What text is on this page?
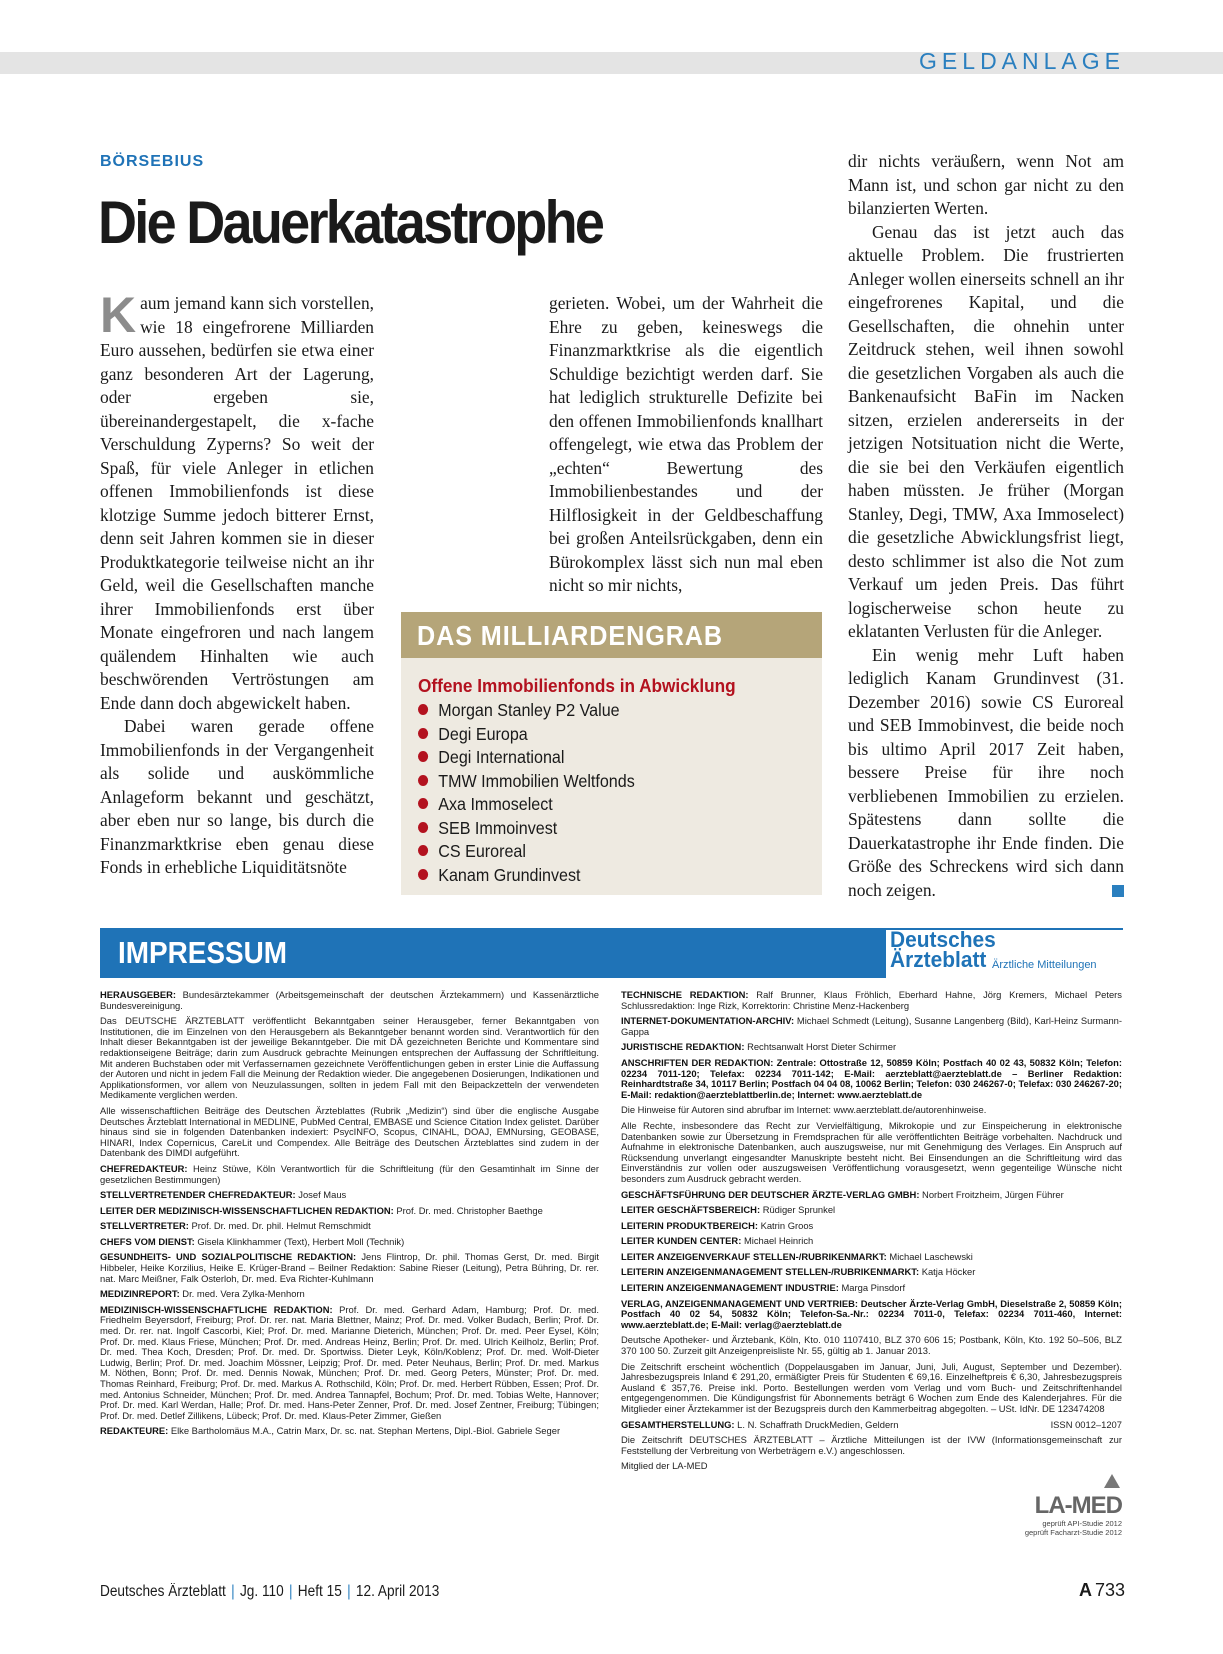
GELDANLAGE
BÖRSEBIUS
Die Dauerkatastrophe

Kaum jemand kann sich vorstellen, wie 18 eingefrorene Milliarden Euro aussehen, bedürfen sie etwa einer ganz besonderen Art der Lagerung, oder ergeben sie, übereinandergestapelt, die x-fache Verschuldung Zyperns? So weit der Spaß, für viele Anleger in etlichen offenen Immobilienfonds ist diese klotzige Summe jedoch bitterer Ernst, denn seit Jahren kommen sie in dieser Produktkategorie teilweise nicht an ihr Geld, weil die Gesellschaften manche ihrer Immobilienfonds erst über Monate eingefroren und nach langem quälendem Hinhalten wie auch beschwörenden Vertröstungen am Ende dann doch abgewickelt haben.

Dabei waren gerade offene Immobilienfonds in der Vergangenheit als solide und auskömmliche Anlageform bekannt und geschätzt, aber eben nur so lange, bis durch die Finanzmarktkrise eben genau diese Fonds in erhebliche Liquiditätsnöte

gerieten. Wobei, um der Wahrheit die Ehre zu geben, keineswegs die Finanzmarktkrise als die eigentlich Schuldige bezichtigt werden darf. Sie hat lediglich strukturelle Defizite bei den offenen Immobilienfonds knallhart offengelegt, wie etwa das Problem der „echten“ Bewertung des Immobilienbestandes und der Hilflosigkeit in der Geldbeschaffung bei großen Anteilsrückgaben, denn ein Bürokomplex lässt sich nun mal eben nicht so mir nichts,

dir nichts veräußern, wenn Not am Mann ist, und schon gar nicht zu den bilanzierten Werten.

Genau das ist jetzt auch das aktuelle Problem. Die frustrierten Anleger wollen einerseits schnell an ihr eingefrorenes Kapital, und die Gesellschaften, die ohnehin unter Zeitdruck stehen, weil ihnen sowohl die gesetzlichen Vorgaben als auch die Bankenaufsicht BaFin im Nacken sitzen, erzielen andererseits in der jetzigen Notsituation nicht die Werte, die sie bei den Verkäufen eigentlich haben müssten. Je früher (Morgan Stanley, Degi, TMW, Axa Immoselect) die gesetzliche Abwicklungsfrist liegt, desto schlimmer ist also die Not zum Verkauf um jeden Preis. Das führt logischerweise schon heute zu eklatanten Verlusten für die Anleger.

Ein wenig mehr Luft haben lediglich Kanam Grundinvest (31. Dezember 2016) sowie CS Euroreal und SEB Immobinvest, die beide noch bis ultimo April 2017 Zeit haben, bessere Preise für ihre noch verbliebenen Immobilien zu erzielen. Spätestens dann sollte die Dauerkatastrophe ihr Ende finden. Die Größe des Schreckens wird sich dann noch zeigen.

DAS MILLIARDENGRAB
Offene Immobilienfonds in Abwicklung
Morgan Stanley P2 Value
Degi Europa
Degi International
TMW Immobilien Weltfonds
Axa Immoselect
SEB Immoinvest
CS Euroreal
Kanam Grundinvest
IMPRESSUM	Deutsches
Ärzteblatt Ärztliche Mitteilungen

HERAUSGEBER: Bundesärztekammer (Arbeitsgemeinschaft der deutschen Ärztekammern) und Kassenärztliche Bundesvereinigung.

Das DEUTSCHE ÄRZTEBLATT veröffentlicht Bekanntgaben seiner Herausgeber, ferner Bekanntgaben von Institutionen, die im Einzelnen von den Herausgebern als Bekanntgeber benannt worden sind. Verantwortlich für den Inhalt dieser Bekanntgaben ist der jeweilige Bekanntgeber. Die mit DÄ gezeichneten Berichte und Kommentare sind redaktionseigene Beiträge; darin zum Ausdruck gebrachte Meinungen entsprechen der Auffassung der Schriftleitung. Mit anderen Buchstaben oder mit Verfassernamen gezeichnete Veröffentlichungen geben in erster Linie die Auffassung der Autoren und nicht in jedem Fall die Meinung der Redaktion wieder. Die angegebenen Dosierungen, Indikationen und Applikationsformen, vor allem von Neuzulassungen, sollten in jedem Fall mit den Beipackzetteln der verwendeten Medikamente verglichen werden.

Alle wissenschaftlichen Beiträge des Deutschen Ärzteblattes (Rubrik „Medizin“) sind über die englische Ausgabe Deutsches Ärzteblatt International in MEDLINE, PubMed Central, EMBASE und Science Citation Index gelistet. Darüber hinaus sind sie in folgenden Datenbanken indexiert: PsycINFO, Scopus, CINAHL, DOAJ, EMNursing, GEOBASE, HINARI, Index Copernicus, CareLit und Compendex. Alle Beiträge des Deutschen Ärzteblattes sind zudem in der Datenbank des DIMDI aufgeführt.

CHEFREDAKTEUR: Heinz Stüwe, Köln Verantwortlich für die Schriftleitung (für den Gesamtinhalt im Sinne der gesetzlichen Bestimmungen)

STELLVERTRETENDER CHEFREDAKTEUR: Josef Maus

LEITER DER MEDIZINISCH-WISSENSCHAFTLICHEN REDAKTION: Prof. Dr. med. Christopher Baethge

STELLVERTRETER: Prof. Dr. med. Dr. phil. Helmut Remschmidt

CHEFS VOM DIENST: Gisela Klinkhammer (Text), Herbert Moll (Technik)

GESUNDHEITS- UND SOZIALPOLITISCHE REDAKTION: Jens Flintrop, Dr. phil. Thomas Gerst, Dr. med. Birgit Hibbeler, Heike Korzilius, Heike E. Krüger-Brand – Beilner Redaktion: Sabine Rieser (Leitung), Petra Bühring, Dr. rer. nat. Marc Meißner, Falk Osterloh, Dr. med. Eva Richter-Kuhlmann

MEDIZINREPORT: Dr. med. Vera Zylka-Menhorn

MEDIZINISCH-WISSENSCHAFTLICHE REDAKTION: Prof. Dr. med. Gerhard Adam, Hamburg; Prof. Dr. med. Friedhelm Beyersdorf, Freiburg; Prof. Dr. rer. nat. Maria Blettner, Mainz; Prof. Dr. med. Volker Budach, Berlin; Prof. Dr. med. Dr. rer. nat. Ingolf Cascorbi, Kiel; Prof. Dr. med. Marianne Dieterich, München; Prof. Dr. med. Peer Eysel, Köln; Prof. Dr. med. Klaus Friese, München; Prof. Dr. med. Andreas Heinz, Berlin; Prof. Dr. med. Ulrich Keilholz, Berlin; Prof. Dr. med. Thea Koch, Dresden; Prof. Dr. med. Dr. Sportwiss. Dieter Leyk, Köln/Koblenz; Prof. Dr. med. Wolf-Dieter Ludwig, Berlin; Prof. Dr. med. Joachim Mössner, Leipzig; Prof. Dr. med. Peter Neuhaus, Berlin; Prof. Dr. med. Markus M. Nöthen, Bonn; Prof. Dr. med. Dennis Nowak, München; Prof. Dr. med. Georg Peters, Münster; Prof. Dr. med. Thomas Reinhard, Freiburg; Prof. Dr. med. Markus A. Rothschild, Köln; Prof. Dr. med. Herbert Rübben, Essen; Prof. Dr. med. Antonius Schneider, München; Prof. Dr. med. Andrea Tannapfel, Bochum; Prof. Dr. med. Tobias Welte, Hannover; Prof. Dr. med. Karl Werdan, Halle; Prof. Dr. med. Hans-Peter Zenner, Prof. Dr. med. Josef Zentner, Freiburg; Tübingen; Prof. Dr. med. Detlef Zillikens, Lübeck; Prof. Dr. med. Klaus-Peter Zimmer, Gießen

REDAKTEURE: Elke Bartholomäus M.A., Catrin Marx, Dr. sc. nat. Stephan Mertens, Dipl.-Biol. Gabriele Seger

TECHNISCHE REDAKTION: Ralf Brunner, Klaus Fröhlich, Eberhard Hahne, Jörg Kremers, Michael Peters Schlussredaktion: Inge Rizk, Korrektorin: Christine Menz-Hackenberg

INTERNET-DOKUMENTATION-ARCHIV: Michael Schmedt (Leitung), Susanne Langenberg (Bild), Karl-Heinz Surmann-Gappa

JURISTISCHE REDAKTION: Rechtsanwalt Horst Dieter Schirmer

ANSCHRIFTEN DER REDAKTION: Zentrale: Ottostraße 12, 50859 Köln; Postfach 40 02 43, 50832 Köln; Telefon: 02234 7011-120; Telefax: 02234 7011-142; E-Mail: aerzteblatt@aerzteblatt.de – Berliner Redaktion: Reinhardtstraße 34, 10117 Berlin; Postfach 04 04 08, 10062 Berlin; Telefon: 030 246267-0; Telefax: 030 246267-20; E-Mail: redaktion@aerzteblattberlin.de; Internet: www.aerzteblatt.de

Die Hinweise für Autoren sind abrufbar im Internet: www.aerzteblatt.de/autorenhinweise.

Alle Rechte, insbesondere das Recht zur Vervielfältigung, Mikrokopie und zur Einspeicherung in elektronische Datenbanken sowie zur Übersetzung in Fremdsprachen für alle veröffentlichten Beiträge vorbehalten. Nachdruck und Aufnahme in elektronische Datenbanken, auch auszugsweise, nur mit Genehmigung des Verlages. Ein Anspruch auf Rücksendung unverlangt eingesandter Manuskripte besteht nicht. Bei Einsendungen an die Schriftleitung wird das Einverständnis zur vollen oder auszugsweisen Veröffentlichung vorausgesetzt, wenn gegenteilige Wünsche nicht besonders zum Ausdruck gebracht werden.

GESCHÄFTSFÜHRUNG DER DEUTSCHER ÄRZTE-VERLAG GMBH: Norbert Froitzheim, Jürgen Führer

LEITER GESCHÄFTSBEREICH: Rüdiger Sprunkel

LEITERIN PRODUKTBEREICH: Katrin Groos

LEITER KUNDEN CENTER: Michael Heinrich

LEITER ANZEIGENVERKAUF STELLEN-/RUBRIKENMARKT: Michael Laschewski

LEITERIN ANZEIGENMANAGEMENT STELLEN-/RUBRIKENMARKT: Katja Höcker

LEITERIN ANZEIGENMANAGEMENT INDUSTRIE: Marga Pinsdorf

VERLAG, ANZEIGENMANAGEMENT UND VERTRIEB: Deutscher Ärzte-Verlag GmbH, Dieselstraße 2, 50859 Köln; Postfach 40 02 54, 50832 Köln; Telefon-Sa.-Nr.: 02234 7011-0, Telefax: 02234 7011-460, Internet: www.aerzteblatt.de; E-Mail: verlag@aerzteblatt.de

Deutsche Apotheker- und Ärztebank, Köln, Kto. 010 1107410, BLZ 370 606 15; Postbank, Köln, Kto. 192 50–506, BLZ 370 100 50. Zurzeit gilt Anzeigenpreisliste Nr. 55, gültig ab 1. Januar 2013.

Die Zeitschrift erscheint wöchentlich (Doppelausgaben im Januar, Juni, Juli, August, September und Dezember). Jahresbezugspreis Inland € 291,20, ermäßigter Preis für Studenten € 69,16. Einzelheftpreis € 6,30, Jahresbezugspreis Ausland € 357,76. Preise inkl. Porto. Bestellungen werden vom Verlag und vom Buch- und Zeitschriftenhandel entgegengenommen. Die Kündigungsfrist für Abonnements beträgt 6 Wochen zum Ende des Kalenderjahres. Für die Mitglieder einer Ärztekammer ist der Bezugspreis durch den Kammerbeitrag abgegolten. – USt. IdNr. DE 123474208

GESAMTHERSTELLUNG: L. N. Schaffrath DruckMedien, Geldern	ISSN 0012–1207

Die Zeitschrift DEUTSCHES ÄRZTEBLATT – Ärztliche Mitteilungen ist der IVW (Informationsgemeinschaft zur Feststellung der Verbreitung von Werbeträgern e.V.) angeschlossen.

Mitglied der LA-MED

LA-MED
geprüft API-Studie 2012
geprüft Facharzt-Studie 2012
Deutsches Ärzteblatt | Jg. 110 | Heft 15 | 12. April 2013	A 733
